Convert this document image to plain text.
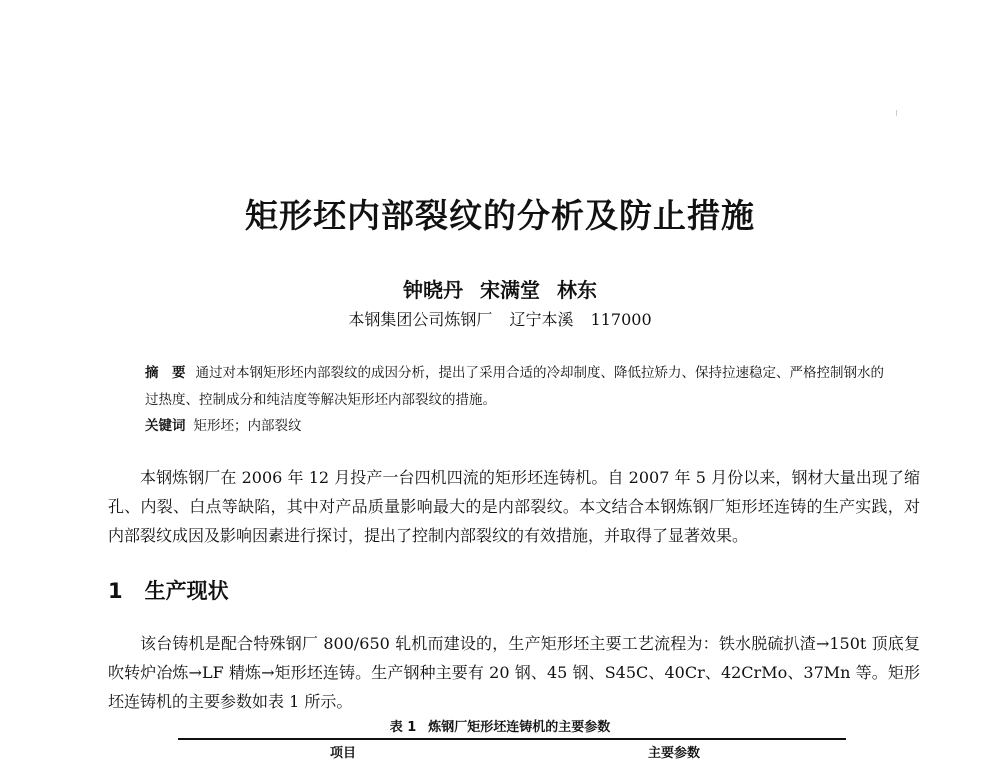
矩形坯内部裂纹的分析及防止措施
钟晓丹 宋满堂 林东
本钢集团公司炼钢厂 辽宁本溪 117000
摘　要 通过对本钢矩形坯内部裂纹的成因分析，提出了采用合适的冷却制度、降低拉矫力、保持拉速稳定、严格控制钢水的过热度、控制成分和纯洁度等解决矩形坯内部裂纹的措施。
关键词 矩形坯；内部裂纹
本钢炼钢厂在 2006 年 12 月投产一台四机四流的矩形坯连铸机。自 2007 年 5 月份以来，钢材大量出现了缩孔、内裂、白点等缺陷，其中对产品质量影响最大的是内部裂纹。本文结合本钢炼钢厂矩形坯连铸的生产实践，对内部裂纹成因及影响因素进行探讨，提出了控制内部裂纹的有效措施，并取得了显著效果。
1 生产现状
该台铸机是配合特殊钢厂 800/650 轧机而建设的，生产矩形坯主要工艺流程为：铁水脱硫扒渣→150t 顶底复吹转炉冶炼→LF 精炼→矩形坯连铸。生产钢种主要有 20 钢、45 钢、S45C、40Cr、42CrMo、37Mn 等。矩形坯连铸机的主要参数如表 1 所示。
表 1 炼钢厂矩形坯连铸机的主要参数
项目	主要参数
